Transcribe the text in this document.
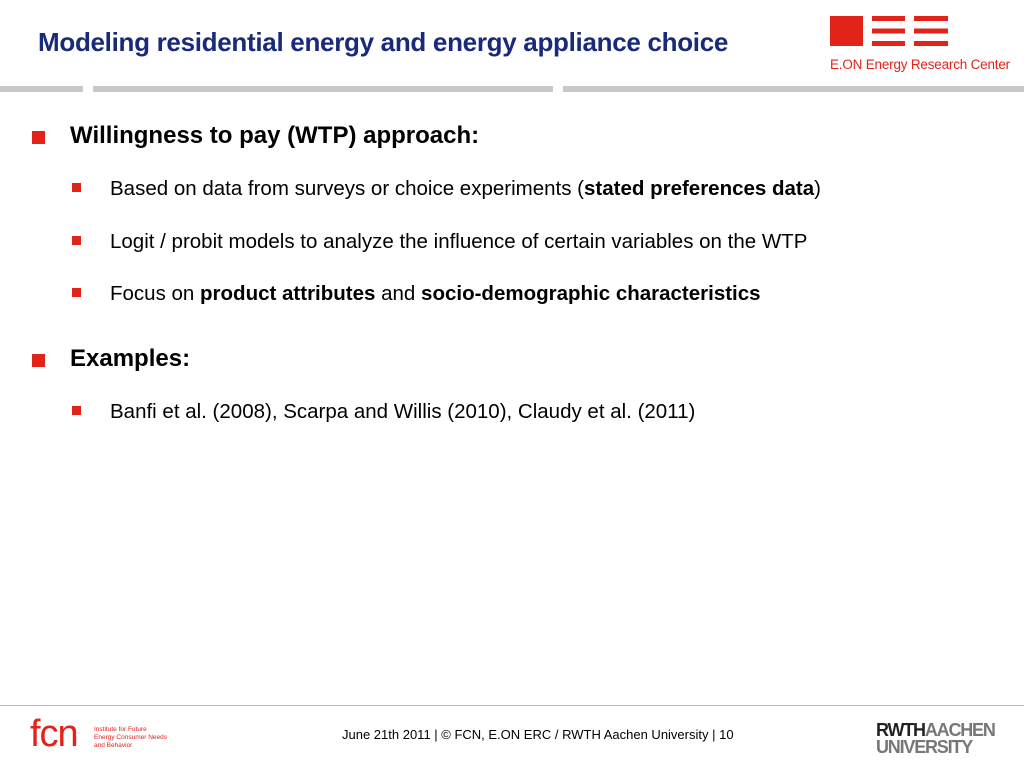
Modeling residential energy and energy appliance choice
E.ON Energy Research Center
Willingness to pay (WTP) approach:
Based on data from surveys or choice experiments (stated preferences data)
Logit / probit models to analyze the influence of certain variables on the WTP
Focus on product attributes and socio-demographic characteristics
Examples:
Banfi et al. (2008), Scarpa and Willis (2010), Claudy et al. (2011)
fcn	Institute for Future
Energy Consumer Needs
and Behavior
June 21th 2011 | © FCN, E.ON ERC / RWTH Aachen University | 10	RWTHAACHEN
UNIVERSITY
